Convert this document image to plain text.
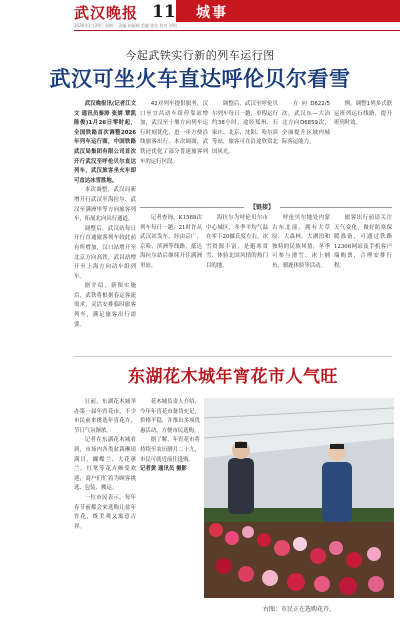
武汉晚报 11 城事
2026年1月29日 星期一 责编 胡丽娟 美编 崔浩 校对 刘明
今起武铁实行新的列车运行图
武汉可坐火车直达呼伦贝尔看雪

武汉晚报讯(记者江文文 通讯员秦涛 张婧 覃凯 陈俊)1月26日零时起，全国铁路首次调整2026年列车运行图，中国铁路武汉局集团有限公司首次开行武汉至呼伦贝尔直达列车，武汉旅客坐火车即可直达冰雪胜地。

本次调整，武汉局新增开行武汉至海拉尔、武汉至满洲里等方向旅客列车，拓展北向出行通道。

调整后，武汉站每日开行直通旅客列车较此前有所增加，汉口站增开至北京方向高铁，武昌站增开至上海方向动车组列车。

据介绍，新图实施后，武铁将根据春运客流需求，灵活安排临时旅客列车，满足旅客出行需要。

42对列车提供服务，汉口至宜昌动车组停靠站增加，武汉至十堰方向列车运行时刻优化，进一步方便沿线旅客出行。本次调图，武铁还优化了部分普速旅客列车的运行区段。

调整后，武汉至呼伦贝尔列车每日一趟，单程运行约38小时，途经郑州、石家庄、北京、沈阳、哈尔滨等站，旅客可在沿途欣赏北国风光。

方向D622/5次，武汉东—大冶北方向D6859次，全面提升区域内城际客运能力。

例。调整1列多式联运班列运行线路，提升班列时效。

【链接】

记者查询，K1588次列车每日一趟，21时许从武汉站发车，经由京广、京哈、滨洲等线路，抵达海拉尔站后继续开往满洲里站。

海拉尔为呼伦贝尔市中心城区，冬季平均气温在零下20摄氏度左右，冰雪资源丰富，是避寒赏雪、体验北国风情的热门目的地。

呼伦贝尔地处内蒙古东北部，拥有大草原、大森林、大湖泊和独特的民族风情，冬季可参与滑雪、冰上捕鱼、驯鹿体验等活动。

旅客出行前请关注天气变化，做好防寒保暖准备，可通过铁路12306网站及手机客户端购票，合理安排行程。

东湖花木城年宵花市人气旺

日前，东湖花木城举办第一届年宵花市，不少市民前来挑选年宵花卉，节日气氛渐浓。

记者在东湖花木城看到，市场内各类盆栽琳琅满目，蝴蝶兰、大花蕙兰、红掌等花卉颇受欢迎，商户们忙着为顾客挑选、包装、搬运。

一位市民表示，每年春节前都会来选购几盆年宵花，既美观又寓意吉祥。

花木城负责人介绍，今年年宵花市备货充足，价格平稳，并推出多项优惠活动，方便市民选购。

据了解，年宵花市将持续至农历腊月二十九，市民可就近前往选购。

记者黄 通讯员 摄影

右图：市民正在选购花卉。
